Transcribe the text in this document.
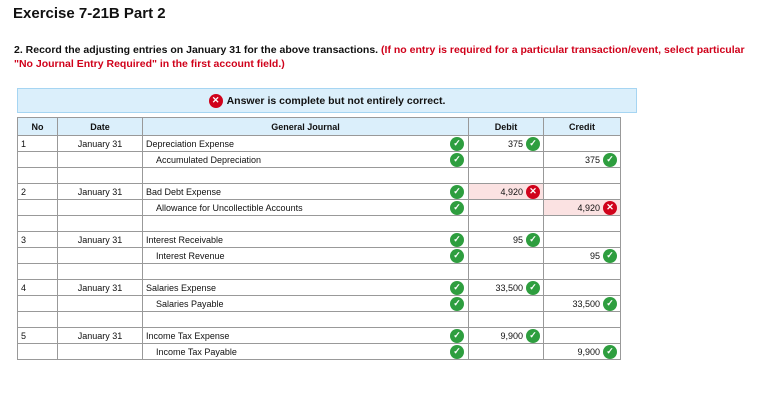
Exercise 7-21B Part 2
2. Record the adjusting entries on January 31 for the above transactions. (If no entry is required for a particular transaction/event, select particular "No Journal Entry Required" in the first account field.)
✕ Answer is complete but not entirely correct.
No	Date	General Journal	Debit	Credit
1	January 31	Depreciation Expense ✓	375 ✓	

		Accumulated Depreciation ✓		375 ✓

2	January 31	Bad Debt Expense ✓	4,920 ✕	

		Allowance for Uncollectible Accounts ✓		4,920 ✕

3	January 31	Interest Receivable ✓	95 ✓	

		Interest Revenue ✓		95 ✓

4	January 31	Salaries Expense ✓	33,500 ✓	

		Salaries Payable ✓		33,500 ✓

5	January 31	Income Tax Expense ✓	9,900 ✓	

		Income Tax Payable ✓		9,900 ✓
